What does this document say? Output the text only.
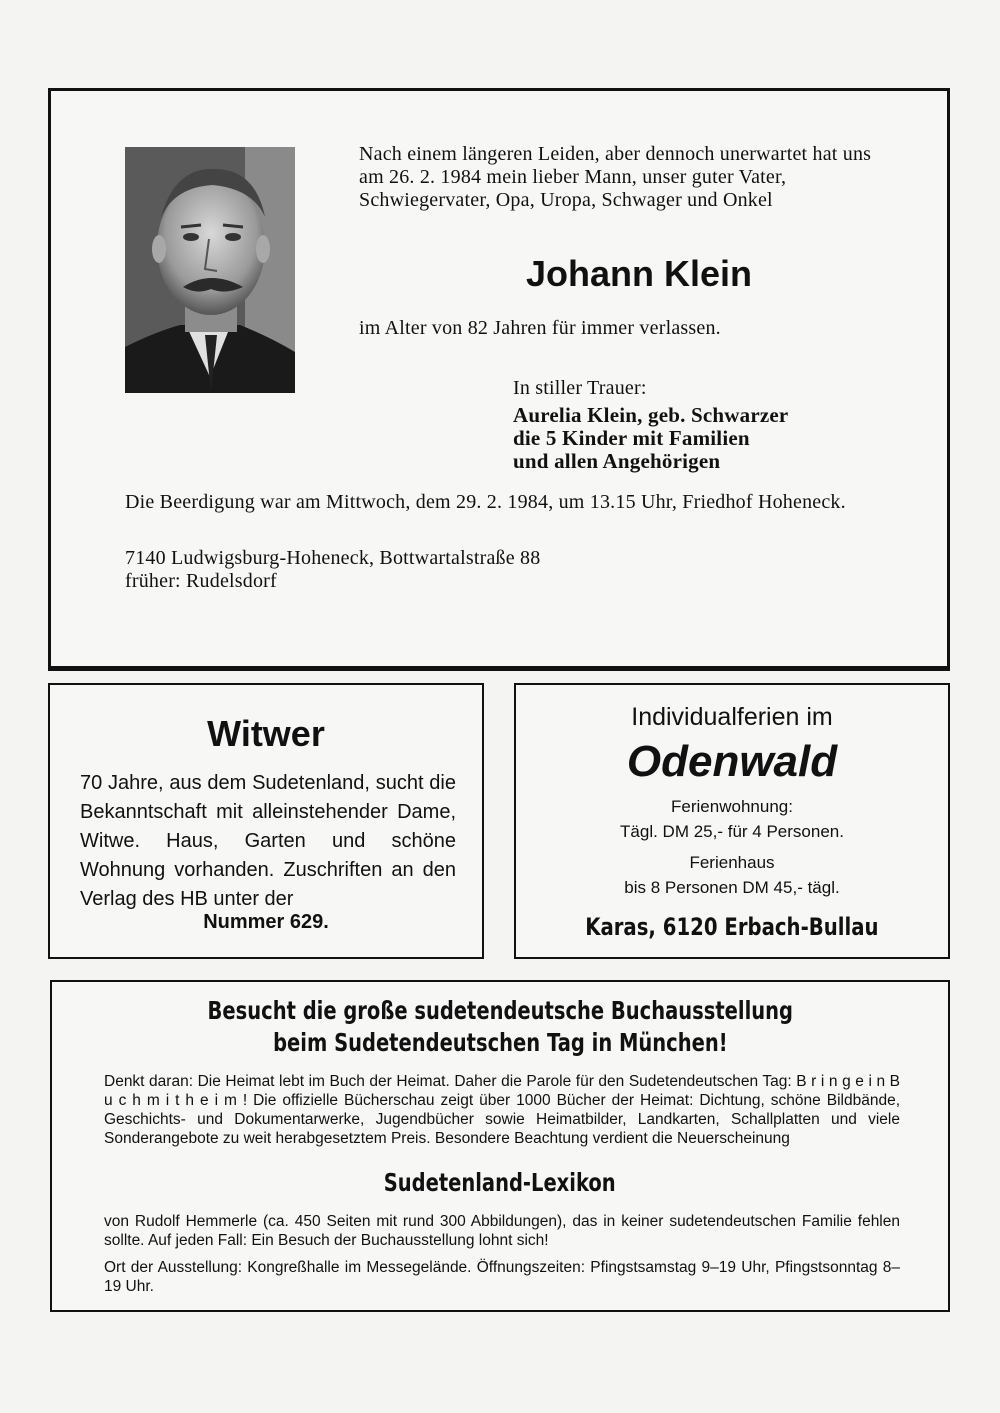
Nach einem längeren Leiden, aber dennoch unerwartet hat uns am 26. 2. 1984 mein lieber Mann, unser guter Vater, Schwiegervater, Opa, Uropa, Schwager und Onkel
Johann Klein
im Alter von 82 Jahren für immer verlassen.
In stiller Trauer:
Aurelia Klein, geb. Schwarzer
die 5 Kinder mit Familien
und allen Angehörigen
Die Beerdigung war am Mittwoch, dem 29. 2. 1984, um 13.15 Uhr, Friedhof Hoheneck.
7140 Ludwigsburg-Hoheneck, Bottwartalstraße 88
früher: Rudelsdorf
Witwer
70 Jahre, aus dem Sudetenland, sucht die Bekanntschaft mit alleinstehender Dame, Witwe. Haus, Garten und schöne Wohnung vorhanden. Zuschriften an den Verlag des HB unter der
Nummer 629.
Individualferien im
Odenwald
Ferienwohnung:
Tägl. DM 25,- für 4 Personen.
Ferienhaus
bis 8 Personen DM 45,- tägl.
Karas, 6120 Erbach-Bullau
Besucht die große sudetendeutsche Buchausstellung
beim Sudetendeutschen Tag in München!
Denkt daran: Die Heimat lebt im Buch der Heimat. Daher die Parole für den Sudetendeutschen Tag: B r i n g e i n B u c h m i t h e i m ! Die offizielle Bücherschau zeigt über 1000 Bücher der Heimat: Dichtung, schöne Bildbände, Geschichts- und Dokumentarwerke, Jugendbücher sowie Heimatbilder, Landkarten, Schallplatten und viele Sonderangebote zu weit herabgesetztem Preis. Besondere Beachtung verdient die Neuerscheinung
Sudetenland-Lexikon
von Rudolf Hemmerle (ca. 450 Seiten mit rund 300 Abbildungen), das in keiner sudetendeutschen Familie fehlen sollte. Auf jeden Fall: Ein Besuch der Buchausstellung lohnt sich!
Ort der Ausstellung: Kongreßhalle im Messegelände. Öffnungszeiten: Pfingstsamstag 9–19 Uhr, Pfingstsonntag 8–19 Uhr.
